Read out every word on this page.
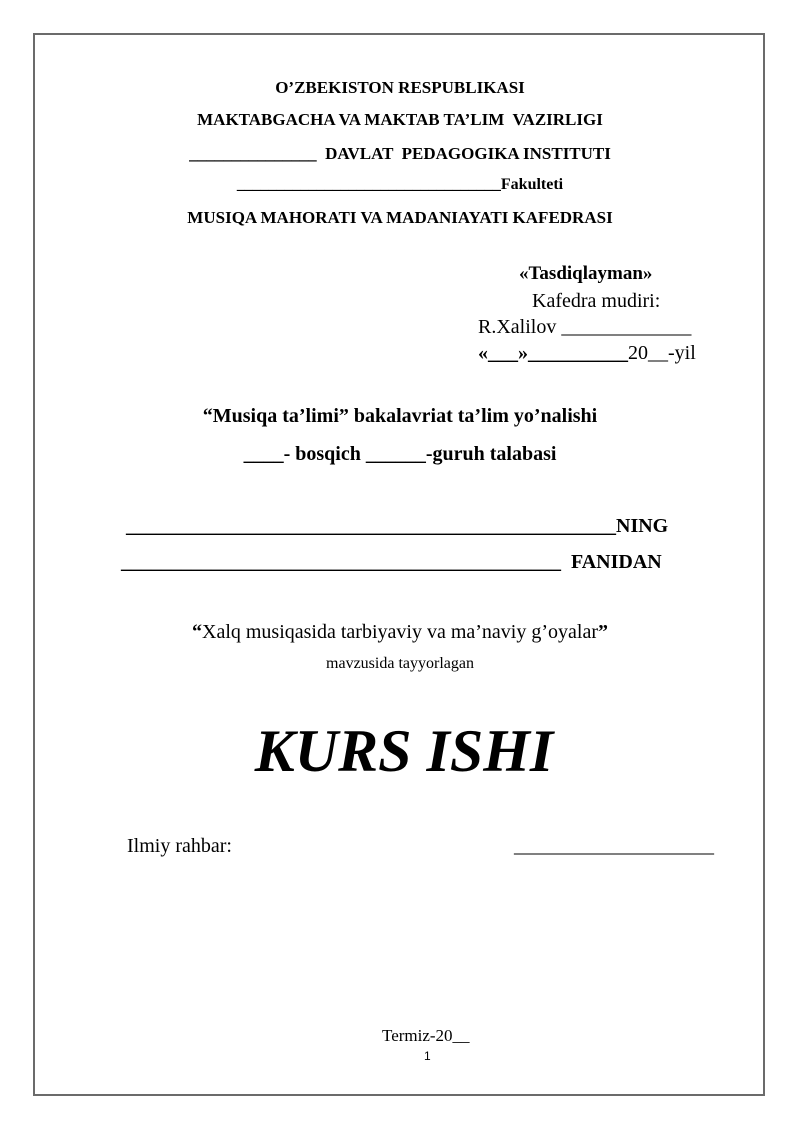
O’ZBEKISTON RESPUBLIKASI
MAKTABGACHA VA MAKTAB TA’LIM  VAZIRLIGI
_______________  DAVLAT  PEDAGOGIKA INSTITUTI
_________________________________Fakulteti
MUSIQA MAHORATI VA MADANIAYATI KAFEDRASI
«Tasdiqlayman»
Kafedra mudiri:
R.Xalilov _____________
«___»__________20__-yil
“Musiqa ta’limi” bakalavriat ta’lim yo’nalishi
____- bosqich ______-guruh talabasi
_________________________________________________NING
____________________________________________  FANIDAN
“Xalq musiqasida tarbiyaviy va ma’naviy g’oyalar”
mavzusida tayyorlagan
KURS ISHI
Ilmiy rahbar:	____________________
Termiz-20__
1
